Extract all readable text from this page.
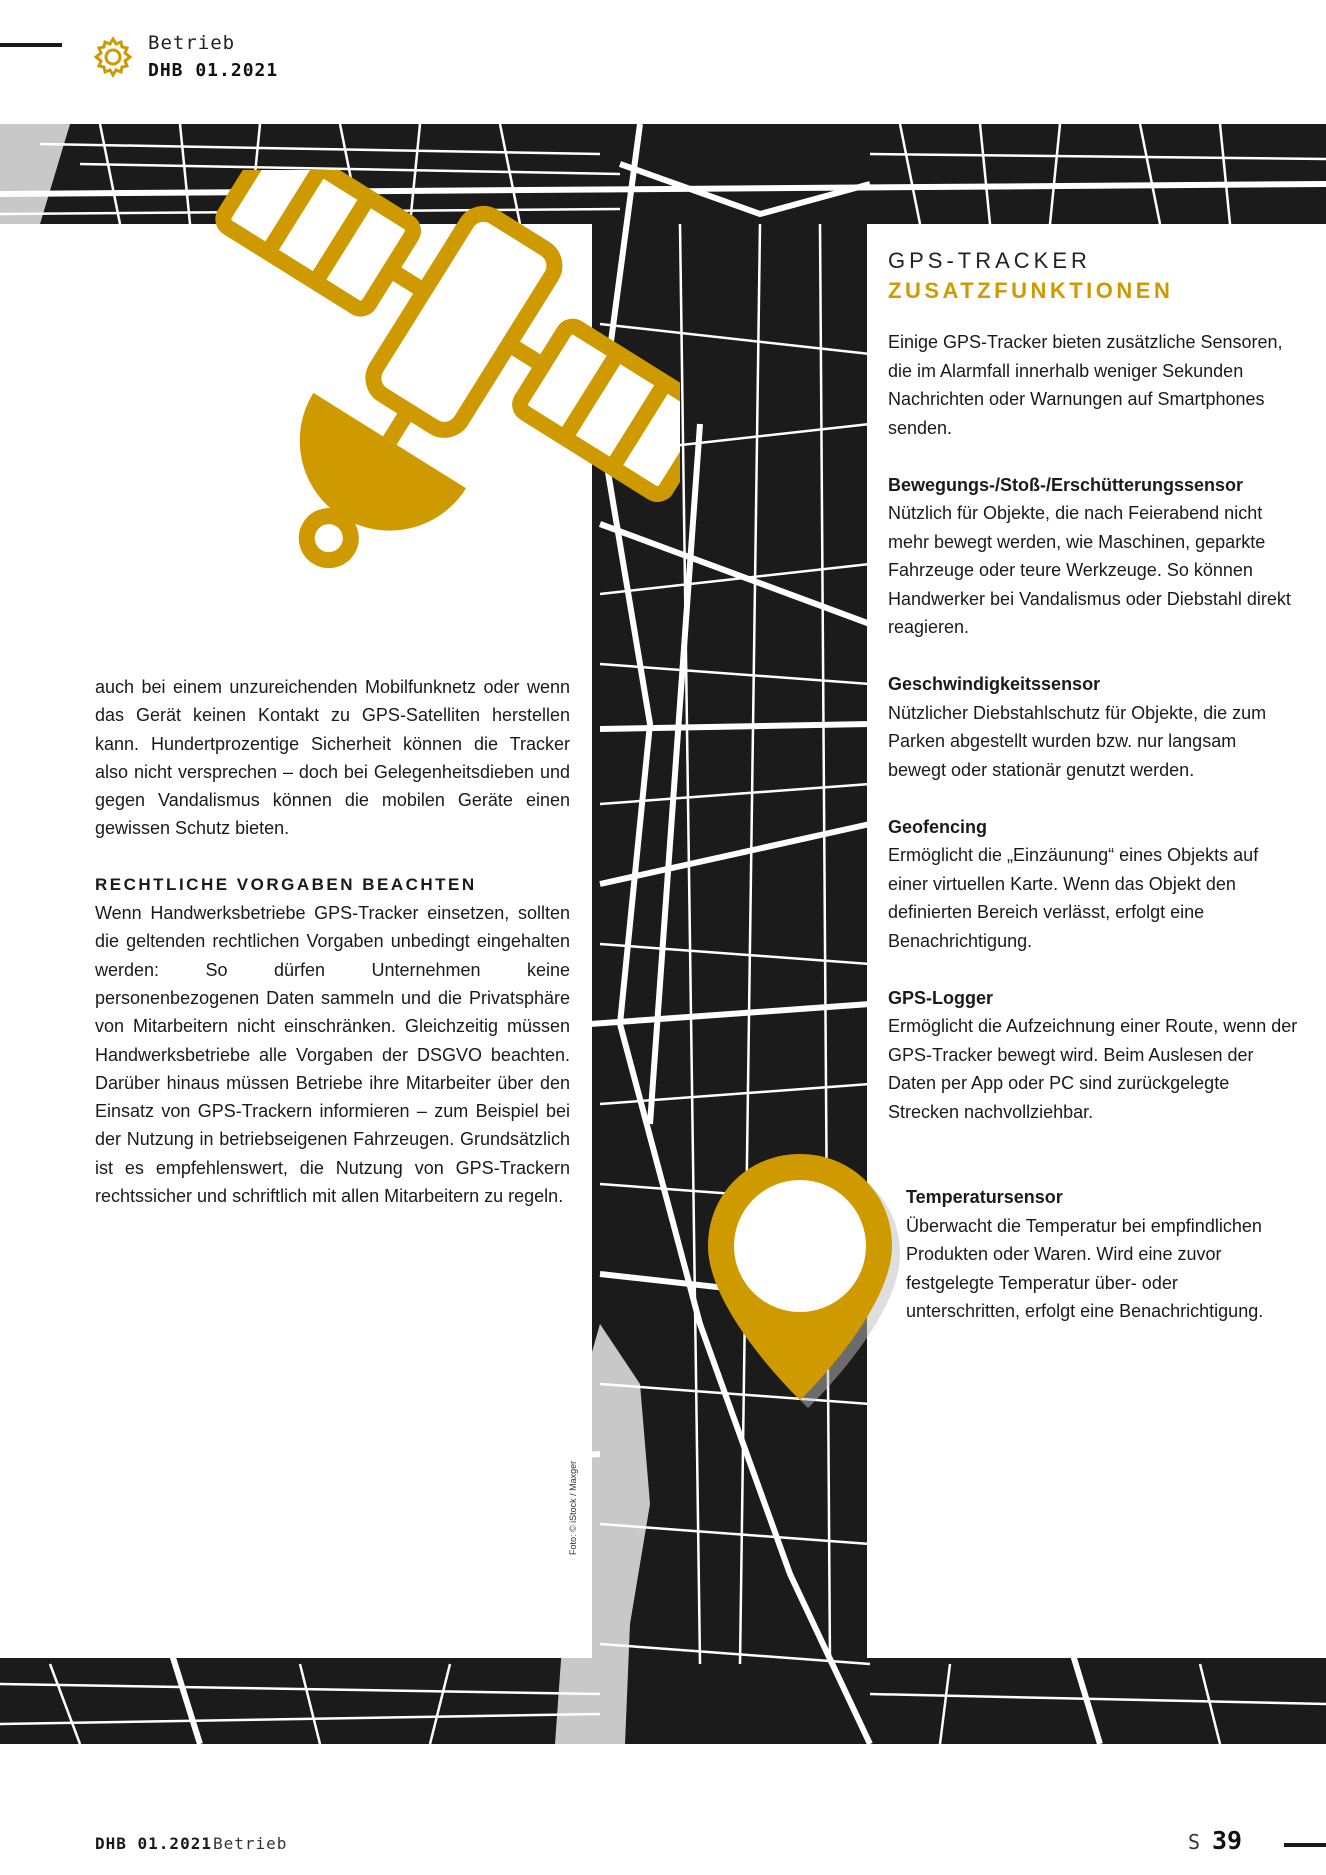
Betrieb
DHB 01.2021

auch bei einem unzureichenden Mobilfunknetz oder wenn das Gerät keinen Kontakt zu GPS-Satelliten herstellen kann. Hundertprozentige Sicherheit können die Tracker also nicht versprechen – doch bei Gelegenheitsdieben und gegen Vandalismus können die mobilen Geräte einen gewissen Schutz bieten.

RECHTLICHE VORGABEN BEACHTEN

Wenn Handwerksbetriebe GPS-Tracker einsetzen, sollten die geltenden rechtlichen Vorgaben unbedingt eingehalten werden: So dürfen Unternehmen keine personenbezogenen Daten sammeln und die Privatsphäre von Mitarbeitern nicht einschränken. Gleichzeitig müssen Handwerksbetriebe alle Vorgaben der DSGVO beachten. Darüber hinaus müssen Betriebe ihre Mitarbeiter über den Einsatz von GPS-Trackern informieren – zum Beispiel bei der Nutzung in betriebseigenen Fahrzeugen. Grundsätzlich ist es empfehlenswert, die Nutzung von GPS-Trackern rechtssicher und schriftlich mit allen Mitarbeitern zu regeln.

GPS-TRACKER
ZUSATZFUNKTIONEN

Einige GPS-Tracker bieten zusätzliche Sensoren, die im Alarmfall innerhalb weniger Sekunden Nachrichten oder Warnungen auf Smartphones senden.

Bewegungs-/Stoß-/Erschütterungssensor

Nützlich für Objekte, die nach Feierabend nicht mehr bewegt werden, wie Maschinen, geparkte Fahrzeuge oder teure Werkzeuge. So können Handwerker bei Vandalismus oder Diebstahl direkt reagieren.

Geschwindigkeitssensor

Nützlicher Diebstahlschutz für Objekte, die zum Parken abgestellt wurden bzw. nur langsam bewegt oder stationär genutzt werden.

Geofencing

Ermöglicht die „Einzäunung“ eines Objekts auf einer virtuellen Karte. Wenn das Objekt den definierten Bereich verlässt, erfolgt eine Benachrichtigung.

GPS-Logger

Ermöglicht die Aufzeichnung einer Route, wenn der GPS-Tracker bewegt wird. Beim Auslesen der Daten per App oder PC sind zurückgelegte Strecken nachvollziehbar.

Temperatursensor

Überwacht die Temperatur bei empfindlichen Produkten oder Waren. Wird eine zuvor festgelegte Temperatur über- oder unterschritten, erfolgt eine Benachrichtigung.

Foto: © iStock / Maxger
DHB 01.2021 Betrieb	S 39
